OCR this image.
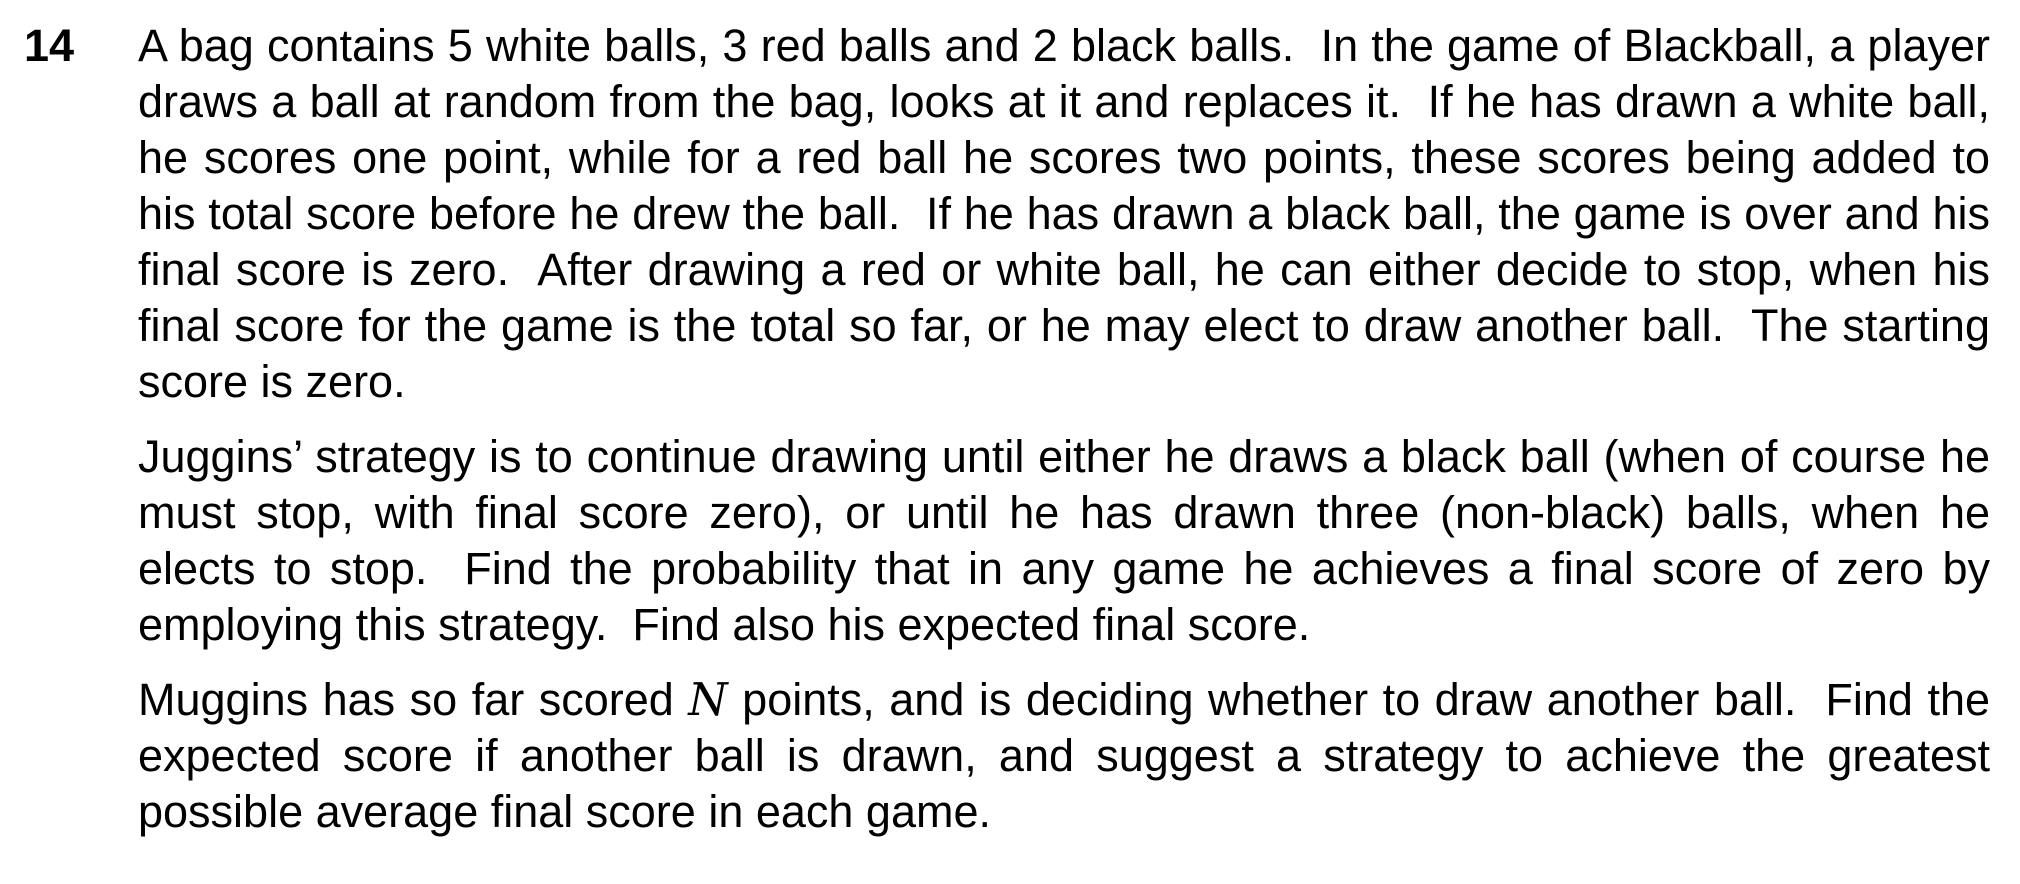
14	A bag contains 5 white balls, 3 red balls and 2 black balls.  In the game of Blackball, a player draws a ball at random from the bag, looks at it and replaces it.  If he has drawn a white ball, he scores one point, while for a red ball he scores two points, these scores being added to his total score before he drew the ball.  If he has drawn a black ball, the game is over and his final score is zero.  After drawing a red or white ball, he can either decide to stop, when his final score for the game is the total so far, or he may elect to draw another ball.  The starting score is zero.

Juggins’ strategy is to continue drawing until either he draws a black ball (when of course he must stop, with final score zero), or until he has drawn three (non-black) balls, when he elects to stop.  Find the probability that in any game he achieves a final score of zero by employing this strategy.  Find also his expected final score.

Muggins has so far scored N points, and is deciding whether to draw another ball.  Find the expected score if another ball is drawn, and suggest a strategy to achieve the greatest possible average final score in each game.
